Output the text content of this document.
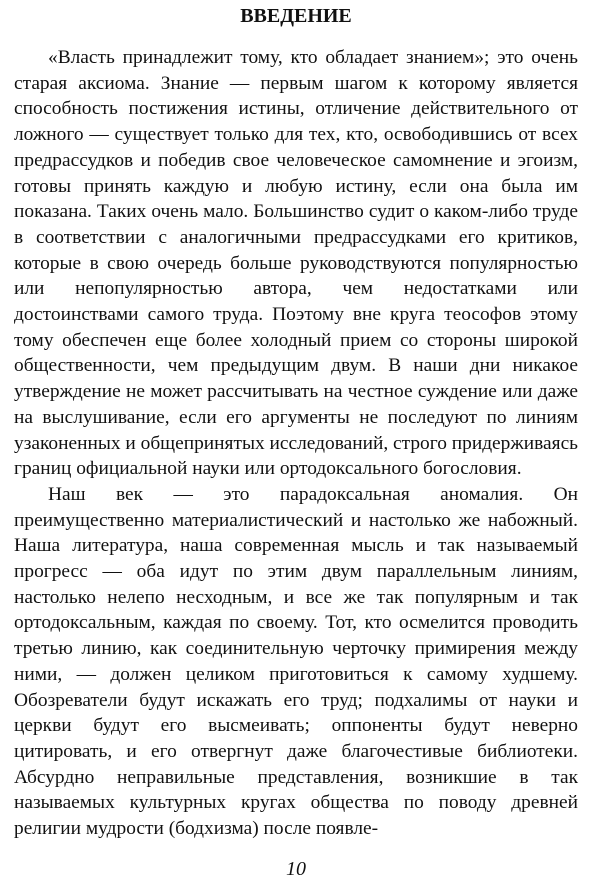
ВВЕДЕНИЕ

«Власть принадлежит тому, кто обладает знанием»; это очень старая аксиома. Знание — первым шагом к которому является способность постижения истины, отличение действительного от ложного — существует только для тех, кто, освободившись от всех предрассудков и победив свое человеческое самомнение и эгоизм, готовы принять каждую и любую истину, если она была им показана. Таких очень мало. Большинство судит о каком-либо труде в соответствии с аналогичными предрассудками его критиков, которые в свою очередь больше руководствуются популярностью или непопулярностью автора, чем недостатками или достоинствами самого труда. Поэтому вне круга теософов этому тому обеспечен еще более холодный прием со стороны широкой общественности, чем предыдущим двум. В наши дни никакое утверждение не может рассчитывать на честное суждение или даже на выслушивание, если его аргументы не последуют по линиям узаконенных и общепринятых исследований, строго придерживаясь границ официальной науки или ортодоксального богословия.

Наш век — это парадоксальная аномалия. Он преимущественно материалистический и настолько же набожный. Наша литература, наша современная мысль и так называемый прогресс — оба идут по этим двум параллельным линиям, настолько нелепо несходным, и все же так популярным и так ортодоксальным, каждая по своему. Тот, кто осмелится проводить третью линию, как соединительную черточку примирения между ними, — должен целиком приготовиться к самому худшему. Обозреватели будут искажать его труд; подхалимы от науки и церкви будут его высмеивать; оппоненты будут неверно цитировать, и его отвергнут даже благочестивые библиотеки. Абсурдно неправильные представления, возникшие в так называемых культурных кругах общества по поводу древней религии мудрости (бодхизма) после появле-

10
